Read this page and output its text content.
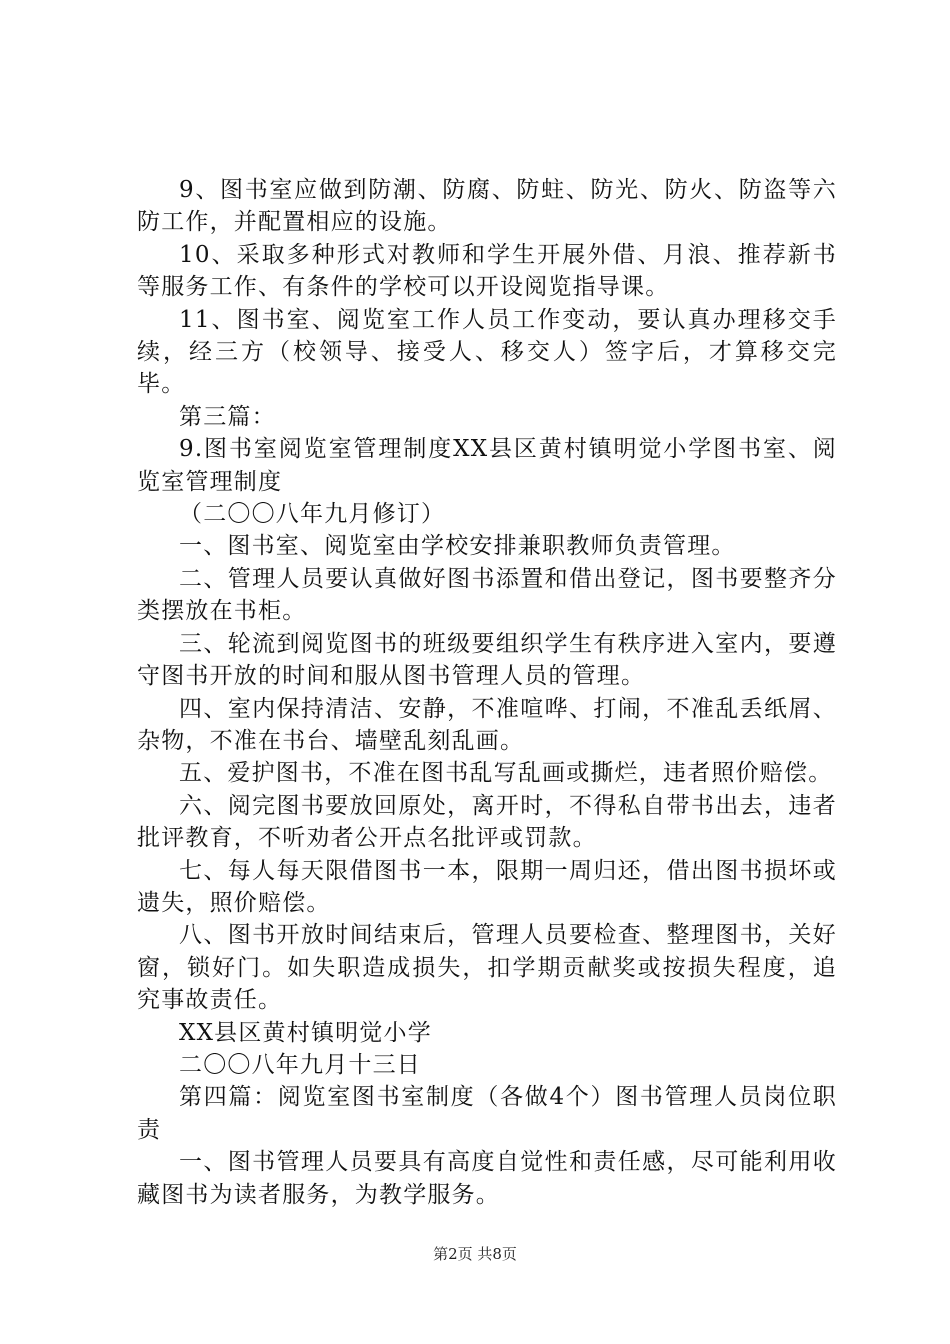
9、图书室应做到防潮、防腐、防蛀、防光、防火、防盗等六防工作，并配置相应的设施。

10、采取多种形式对教师和学生开展外借、月浪、推荐新书等服务工作、有条件的学校可以开设阅览指导课。

11、图书室、阅览室工作人员工作变动，要认真办理移交手续，经三方（校领导、接受人、移交人）签字后，才算移交完毕。

第三篇：

9.图书室阅览室管理制度XX县区黄村镇明觉小学图书室、阅览室管理制度

（二〇〇八年九月修订）

一、图书室、阅览室由学校安排兼职教师负责管理。

二、管理人员要认真做好图书添置和借出登记，图书要整齐分类摆放在书柜。

三、轮流到阅览图书的班级要组织学生有秩序进入室内，要遵守图书开放的时间和服从图书管理人员的管理。

四、室内保持清洁、安静，不准喧哗、打闹，不准乱丢纸屑、杂物，不准在书台、墙壁乱刻乱画。

五、爱护图书，不准在图书乱写乱画或撕烂，违者照价赔偿。

六、阅完图书要放回原处，离开时，不得私自带书出去，违者批评教育，不听劝者公开点名批评或罚款。

七、每人每天限借图书一本，限期一周归还，借出图书损坏或遗失，照价赔偿。

八、图书开放时间结束后，管理人员要检查、整理图书，关好窗，锁好门。如失职造成损失，扣学期贡献奖或按损失程度，追究事故责任。

XX县区黄村镇明觉小学

二〇〇八年九月十三日

第四篇：阅览室图书室制度（各做4个）图书管理人员岗位职责

一、图书管理人员要具有高度自觉性和责任感，尽可能利用收藏图书为读者服务，为教学服务。

第2页 共8页
